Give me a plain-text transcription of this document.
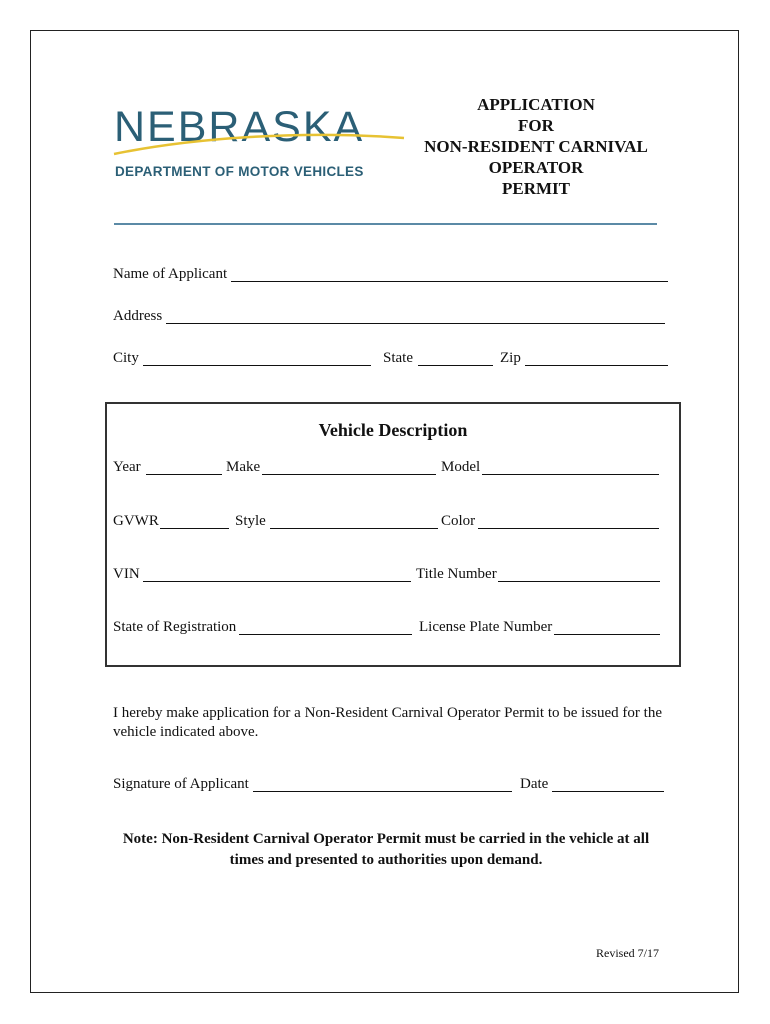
NEBRASKA
DEPARTMENT OF MOTOR VEHICLES
APPLICATION
FOR
NON-RESIDENT CARNIVAL
OPERATOR
PERMIT
Name of Applicant
Address
City	State	Zip
Vehicle Description
Year	Make	Model
GVWR	Style	Color
VIN	Title Number
State of Registration	License Plate Number
I hereby make application for a Non-Resident Carnival Operator Permit to be issued for the vehicle indicated above.
Signature of Applicant	Date
Note: Non-Resident Carnival Operator Permit must be carried in the vehicle at all times and presented to authorities upon demand.
Revised 7/17
